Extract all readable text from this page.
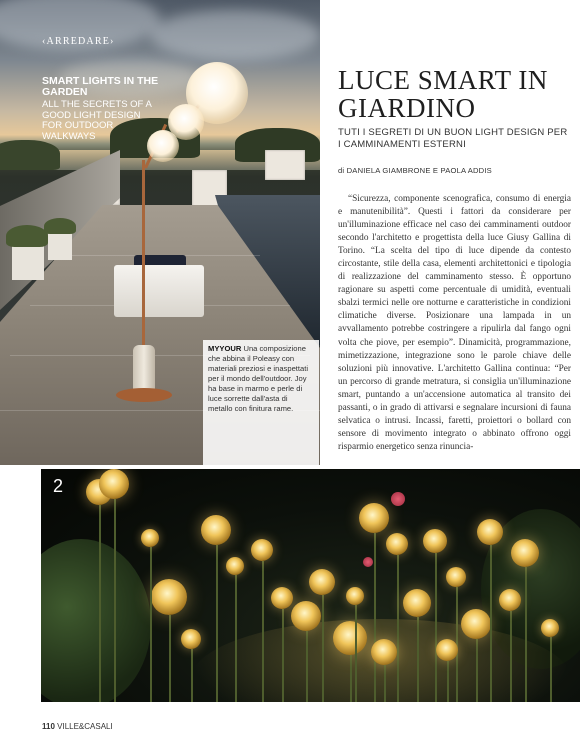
‹ARREDARE›
SMART LIGHTS IN THE GARDEN
ALL THE SECRETS OF A GOOD LIGHT DESIGN FOR OUTDOOR WALKWAYS
MYYOUR Una composizione che abbina il Poleasy con materiali preziosi e inaspettati per il mondo dell'outdoor. Joy ha base in marmo e perle di luce sorrette dall'asta di metallo con finitura rame.
LUCE SMART IN GIARDINO
TUTI I SEGRETI DI UN BUON LIGHT DESIGN PER I CAMMINAMENTI ESTERNI
di DANIELA GIAMBRONE E PAOLA ADDIS

“Sicurezza, componente scenografica, consumo di energia e manutenibilità”. Questi i fattori da considerare per un'illuminazione efficace nel caso dei camminamenti outdoor secondo l'architetto e progettista della luce Giusy Gallina di Torino. “La scelta del tipo di luce dipende da contesto circostante, stile della casa, elementi architettonici e tipologia di realizzazione del camminamento stesso. È opportuno ragionare su aspetti come percentuale di umidità, eventuali sbalzi termici nelle ore notturne e caratteristiche in condizioni climatiche diverse. Posizionare una lampada in un avvallamento potrebbe costringere a ripulirla dal fango ogni volta che piove, per esempio”. Dinamicità, programmazione, mimetizzazione, integrazione sono le parole chiave delle soluzioni più innovative. L'architetto Gallina continua: “Per un percorso di grande metratura, si consiglia un'illuminazione smart, puntando a un'accensione automatica al transito dei passanti, o in grado di attivarsi e segnalare incursioni di fauna selvatica o intrusi. Incassi, faretti, proiettori o bollard con sensore di movimento integrato o abbinato offrono oggi risparmio energetico senza rinuncia-

2
110 VILLE&CASALI
